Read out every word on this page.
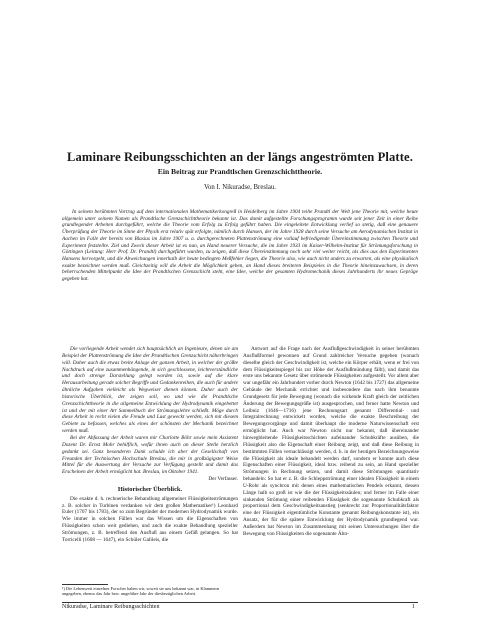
Laminare Reibungsschichten an der längs angeströmten Platte.
Ein Beitrag zur Prandtlschen Grenzschichttheorie.
Von I. Nikuradse, Breslau.

In seinem berühmten Vortrag auf dem internationalen Mathematikerkongreß in Heidelberg im Jahre 1904 teilte Prandtl der Welt jene Theorie mit, welche heute allgemein unter seinem Namen als Prandtlsche Grenzschichttheorie bekannt ist. Das damit aufgestellte Forschungsprogramm wurde seit jener Zeit in einer Reihe grundlegender Arbeiten durchgeführt, welche die Theorie vom Erfolg zu Erfolg geführt haben. Die eingeleitete Entwicklung verlief so stetig, daß eine genauere Überprüfung der Theorie im Sinne der Physik erst relativ spät erfolgte, nämlich durch Hansen, der im Jahre 1928 durch seine Versuche am Aerodynamischen Institut in Aachen im Falle der bereits von Blasius im Jahre 1907 u. a. durchgerechneten Plattenströmung eine vollauf befriedigende Übereinstimmung zwischen Theorie und Experiment feststellte. Ziel und Zweck dieser Arbeit ist es nun, an Hand neuerer Versuche, die im Jahre 1933 im Kaiser-Wilhelm-Institut für Strömungsforschung in Göttingen (Leitung: Herr Prof. Dr. Prandtl) durchgeführt wurden, zu zeigen, daß diese Übereinstimmung noch sehr viel weiter reicht, als dies aus den Experimenten Hansens hervorgeht, und die Abweichungen innerhalb der heute bedingten Meßfehler liegen, die Theorie also, wie auch nicht anders zu erwarten, als eine physikalisch exakte bezeichnet werden muß. Gleichzeitig will die Arbeit die Möglichkeit geben, an Hand dieses breiteren Beispieles in die Theorie hineinzuwachsen, in deren beherrschenden Mittelpunkt die Idee der Prandtlschen Grenzschicht steht, eine Idee, welche der gesamten Hydromechanik dieses Jahrhunderts ihr neues Gepräge gegeben hat.

Die vorliegende Arbeit wendet sich hauptsächlich an Ingenieure, denen sie am Beispiel der Plattenströmung die Idee der Prandtlschen Grenzschicht näherbringen will. Daher auch die etwas breite Anlage der ganzen Arbeit, in welcher der größte Nachdruck auf eine zusammenhängende, in sich geschlossene, leichtverständliche und doch strenge Darstellung gelegt worden ist, sowie auf die klare Herausarbeitung gerade solcher Begriffe und Gedankenreihen, die auch für andere ähnliche Aufgaben vielleicht als Wegweiser dienen können. Daher auch der historische Überblick, der zeigen soll, wo und wie die Prandtlsche Grenzschichttheorie in die allgemeine Entwicklung der Hydrodynamik eingebettet ist und der mit einer Art Sammelbuch der Strömungslehre schließt. Möge durch diese Arbeit in recht vielen die Freude und Lust geweckt werden, sich mit diesem Gebiete zu befassen, welches als eines der schönsten der Mechanik bezeichnet werden muß.

Bei der Abfassung der Arbeit waren mir Charlotte Böhr sowie mein Assistent Dozent Dr. Ernst Mohr behilflich, wofür ihnen auch an dieser Stelle herzlich gedankt sei. Ganz besonderen Dank schulde ich aber der Gesellschaft von Freunden der Technischen Hochschule Breslau, die mir in großzügigster Weise Mittel für die Auswertung der Versuche zur Verfügung gestellt und damit das Erscheinen der Arbeit ermöglicht hat. Breslau, im Oktober 1941.

Der Verfasser.
Historischer Überblick.

Die exakte d. h. rechnerische Behandlung allgemeiner Flüssigkeitsströmungen z. B. solcher in Turbinen verdanken wir dem großen Mathematiker¹) Leonhard Euler (1707 bis 1783), der so zum Begründer der modernen Hydrodynamik wurde. Wie immer in solchen Fällen war das Wissen um die Eigenschaften von Flüssigkeiten schon weit gediehen, und auch die exakte Behandlung spezieller Strömungen, z. B. betreffend den Ausfluß aus einem Gefäß gelangen. So hat Torricelli (1608 — 1647), ein Schüler Galileis, die

¹) Die Lebenszeit einzelner Forscher haben wir, soweit sie uns bekannt war, in Klammern angegeben, ebenso das Jahr bzw. ungefähre Jahr der diesbezüglichen Arbeit.

Antwort auf die Frage nach der Ausflußgeschwindigkeit in seiner berühmten Ausflußformel gewonnen auf Grund zahlreicher Versuche gegeben (wonach dieselbe gleich der Geschwindigkeit ist, welche ein Körper erhält, wenn er frei von dem Flüssigkeitsspiegel bis zur Höhe der Ausflußmündung fällt), und damit das erste uns bekannte Gesetz über strömende Flüssigkeiten aufgestellt. Vor allem aber war ungefähr ein Jahrhundert vorher durch Newton (1642 bis 1727) das allgemeine Gebäude der Mechanik errichtet und insbesondere das nach ihm benannte Grundgesetz für jede Bewegung (wonach die wirkende Kraft gleich der zeitlichen Änderung der Bewegungsgröße ist) ausgesprochen, und ferner hatte Newton und Leibniz (1646—1716) jene Rechnungsart genannt Differential- und Integralrechnung entwickelt worden, welche die exakte Beschreibung der Bewegungsvorgänge und damit überhaupt die moderne Naturwissenschaft erst ermöglicht hat. Auch war Newton nicht nur bekannt, daß übereinander hinwegbleitende Flüssigkeitsschichten aufeinander Schubkräfte ausüben, die Flüssigkeit also die Eigenschaft einer Reibung zeigt, und daß diese Reibung in bestimmten Fällen vernachlässigt werden, d. h. in der heutigen Bezeichnungsweise die Flüssigkeit als ideale behandelt werden darf, sondern er konnte auch diese Eigenschaften einer Flüssigkeit, ideal bzw. reibend zu sein, an Hand spezieller Strömungen in Rechnung setzen, und damit diese Strömungen quantitativ behandeln: So hat er z. B. die Schleppströmung einer idealen Flüssigkeit in einem U-Rohr als synchron mit denen eines mathematischen Pendels erkannt, dessen Länge halb so groß ist wie die der Flüssigkeitssäulen; und ferner im Falle einer sinkenden Strömung einer reibenden Flüssigkeit die sogenannte Schubkraft als proportional dem Geschwindigkeitsanstieg (senkrecht zur Proportionalitätsfaktor eine der Flüssigkeit eigentümliche Konstante genannt Reibungskonstante ist), ein Ansatz, der für die spätere Entwicklung der Hydrodynamik grundlegend war. Außerdem hat Newton im Zusammenhang mit seinen Untersuchungen über die Bewegung von Flüssigkeiten die sogenannte Ähn-

Nikuradse, Laminare Reibungsschichten	1
